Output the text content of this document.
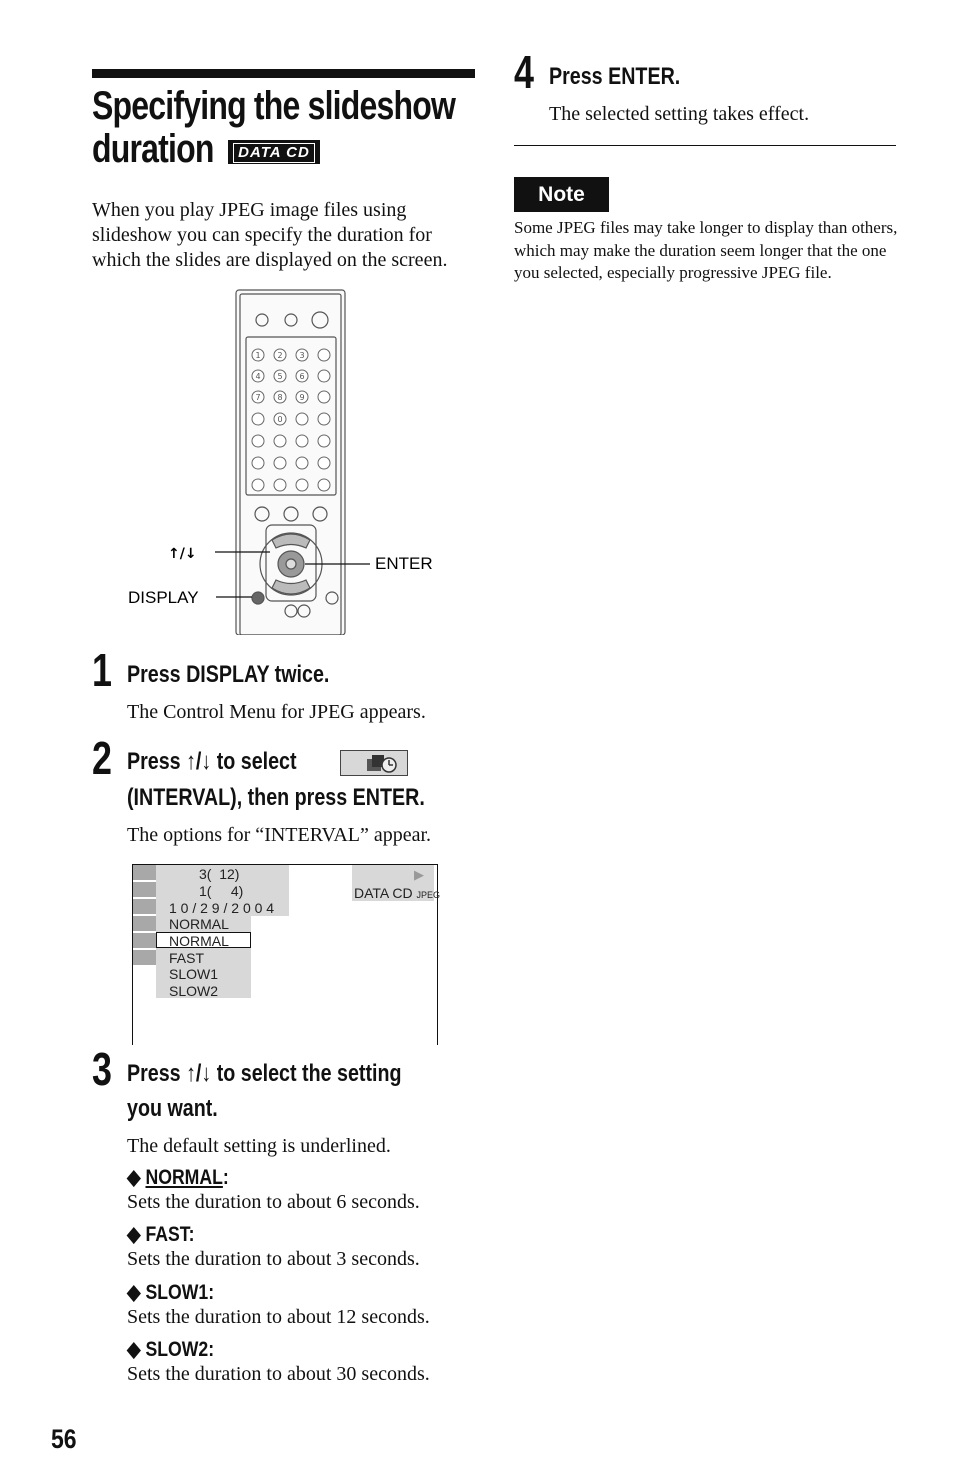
Specifying the slideshow
duration	DATA CD
When you play JPEG image files using slideshow you can specify the duration for which the slides are displayed on the screen.
1 2 3
4 5 6
7 8 9
0
↑/↓
DISPLAY
ENTER
1 Press DISPLAY twice.
The Control Menu for JPEG appears.
2 Press ↑/↓ to select
(INTERVAL), then press ENTER.
The options for “INTERVAL” appear.
3(  12)
1(     4)
1 0 / 2 9 / 2 0 0 4
NORMAL
NORMAL
FAST
SLOW1
SLOW2
▶
DATA CD JPEG
3 Press ↑/↓ to select the setting
you want.
The default setting is underlined.
◆ NORMAL:
Sets the duration to about 6 seconds.
◆ FAST:
Sets the duration to about 3 seconds.
◆ SLOW1:
Sets the duration to about 12 seconds.
◆ SLOW2:
Sets the duration to about 30 seconds.
4 Press ENTER.
The selected setting takes effect.
Note
Some JPEG files may take longer to display than others, which may make the duration seem longer that the one you selected, especially progressive JPEG file.
56
